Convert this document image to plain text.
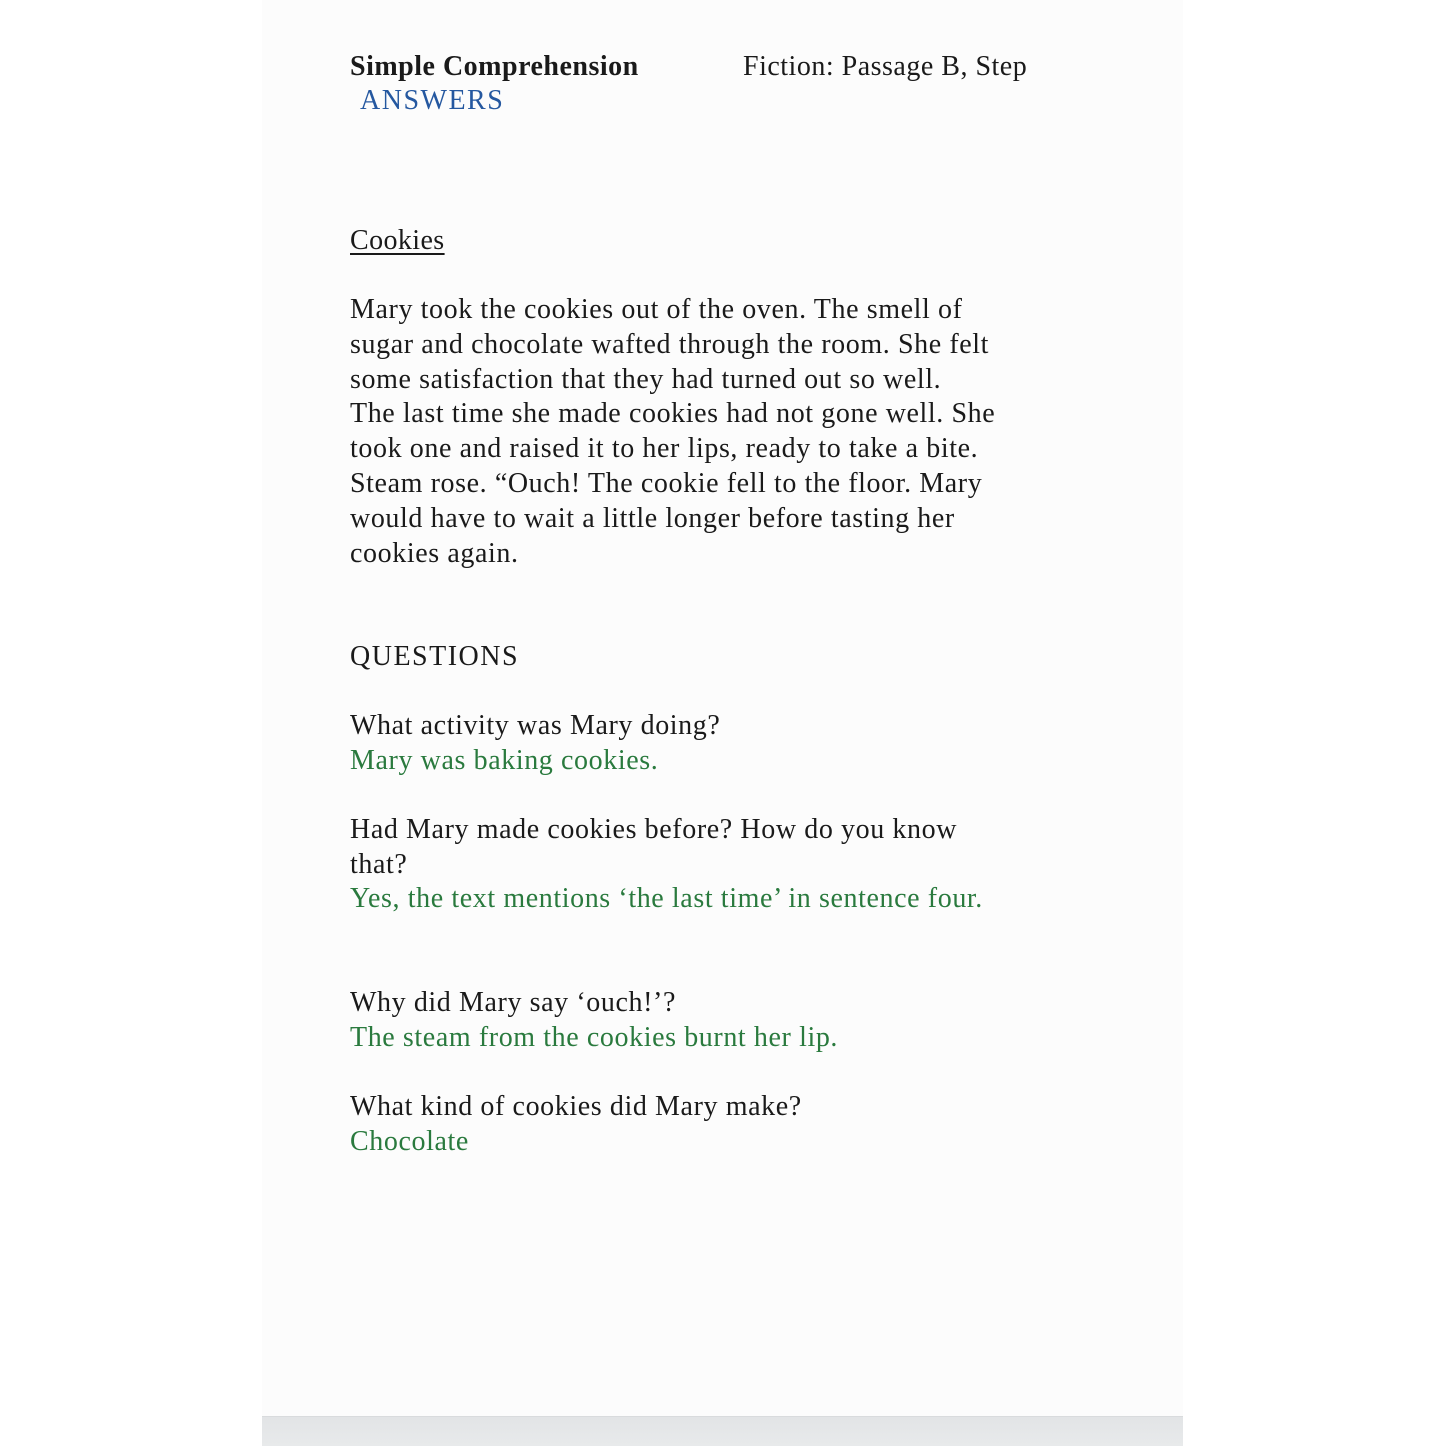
Simple Comprehension	Fiction: Passage B, Step
ANSWERS
Cookies
Mary took the cookies out of the oven. The smell of
sugar and chocolate wafted through the room. She felt
some satisfaction that they had turned out so well.
The last time she made cookies had not gone well. She
took one and raised it to her lips, ready to take a bite.
Steam rose. “Ouch! The cookie fell to the floor. Mary
would have to wait a little longer before tasting her
cookies again.
QUESTIONS
What activity was Mary doing?
Mary was baking cookies.
Had Mary made cookies before? How do you know
that?
Yes, the text mentions ‘the last time’ in sentence four.
Why did Mary say ‘ouch!’?
The steam from the cookies burnt her lip.
What kind of cookies did Mary make?
Chocolate
